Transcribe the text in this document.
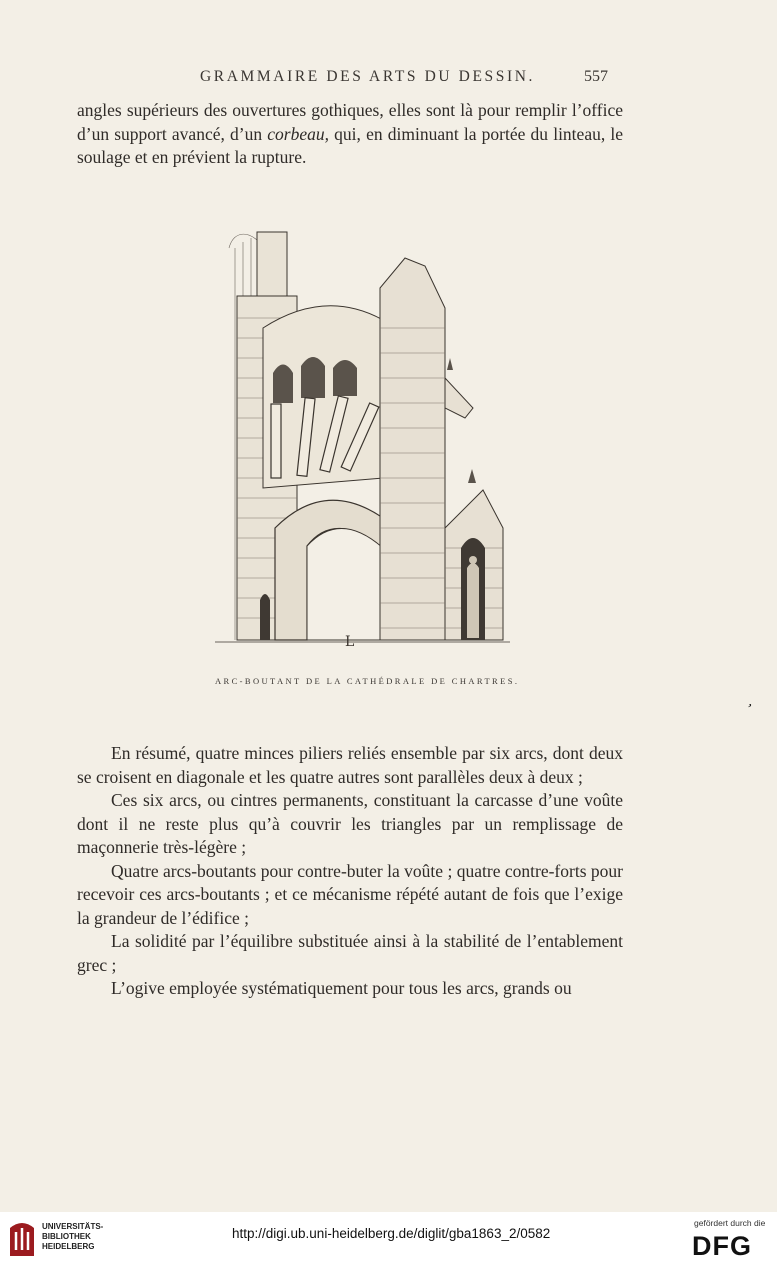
GRAMMAIRE DES ARTS DU DESSIN.	557

angles supérieurs des ouvertures gothiques, elles sont là pour remplir l’office d’un support avancé, d’un corbeau, qui, en diminuant la portée du linteau, le soulage et en prévient la rupture.

L
ARC-BOUTANT DE LA CATHÉDRALE DE CHARTRES.
ʼ

En résumé, quatre minces piliers reliés ensemble par six arcs, dont deux se croisent en diagonale et les quatre autres sont parallèles deux à deux ;

Ces six arcs, ou cintres permanents, constituant la carcasse d’une voûte dont il ne reste plus qu’à couvrir les triangles par un remplissage de maçonnerie très-légère ;

Quatre arcs-boutants pour contre-buter la voûte ; quatre contre-forts pour recevoir ces arcs-boutants ; et ce mécanisme répété autant de fois que l’exige la grandeur de l’édifice ;

La solidité par l’équilibre substituée ainsi à la stabilité de l’entablement grec ;

L’ogive employée systématiquement pour tous les arcs, grands ou

UNIVERSITÄTS-
BIBLIOTHEK
HEIDELBERG
http://digi.ub.uni-heidelberg.de/diglit/gba1863_2/0582
gefördert durch die
DFG
